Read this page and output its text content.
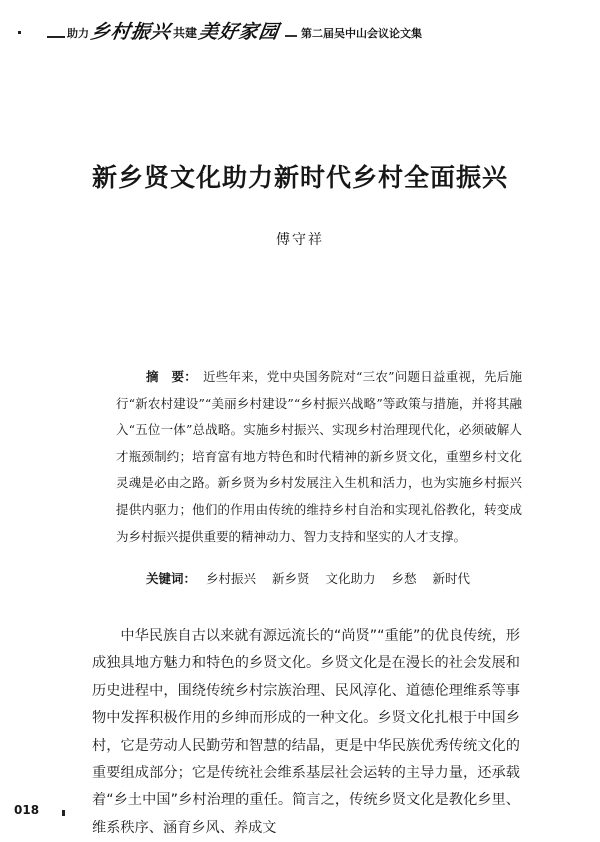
助力 乡村振兴 共建 美好家园 第二届吴中山会议论文集
新乡贤文化助力新时代乡村全面振兴
傅守祥
摘　要： 近些年来，党中央国务院对“三农”问题日益重视，先后施行“新农村建设”“美丽乡村建设”“乡村振兴战略”等政策与措施，并将其融入“五位一体”总战略。实施乡村振兴、实现乡村治理现代化，必须破解人才瓶颈制约；培育富有地方特色和时代精神的新乡贤文化，重塑乡村文化灵魂是必由之路。新乡贤为乡村发展注入生机和活力，也为实施乡村振兴提供内驱力；他们的作用由传统的维持乡村自治和实现礼俗教化，转变成为乡村振兴提供重要的精神动力、智力支持和坚实的人才支撑。
关键词： 乡村振兴 新乡贤 文化助力 乡愁 新时代
中华民族自古以来就有源远流长的“尚贤”“重能”的优良传统，形成独具地方魅力和特色的乡贤文化。乡贤文化是在漫长的社会发展和历史进程中，围绕传统乡村宗族治理、民风淳化、道德伦理维系等事物中发挥积极作用的乡绅而形成的一种文化。乡贤文化扎根于中国乡村，它是劳动人民勤劳和智慧的结晶，更是中华民族优秀传统文化的重要组成部分；它是传统社会维系基层社会运转的主导力量，还承载着“乡土中国”乡村治理的重任。简言之，传统乡贤文化是教化乡里、维系秩序、涵育乡风、养成文
018
